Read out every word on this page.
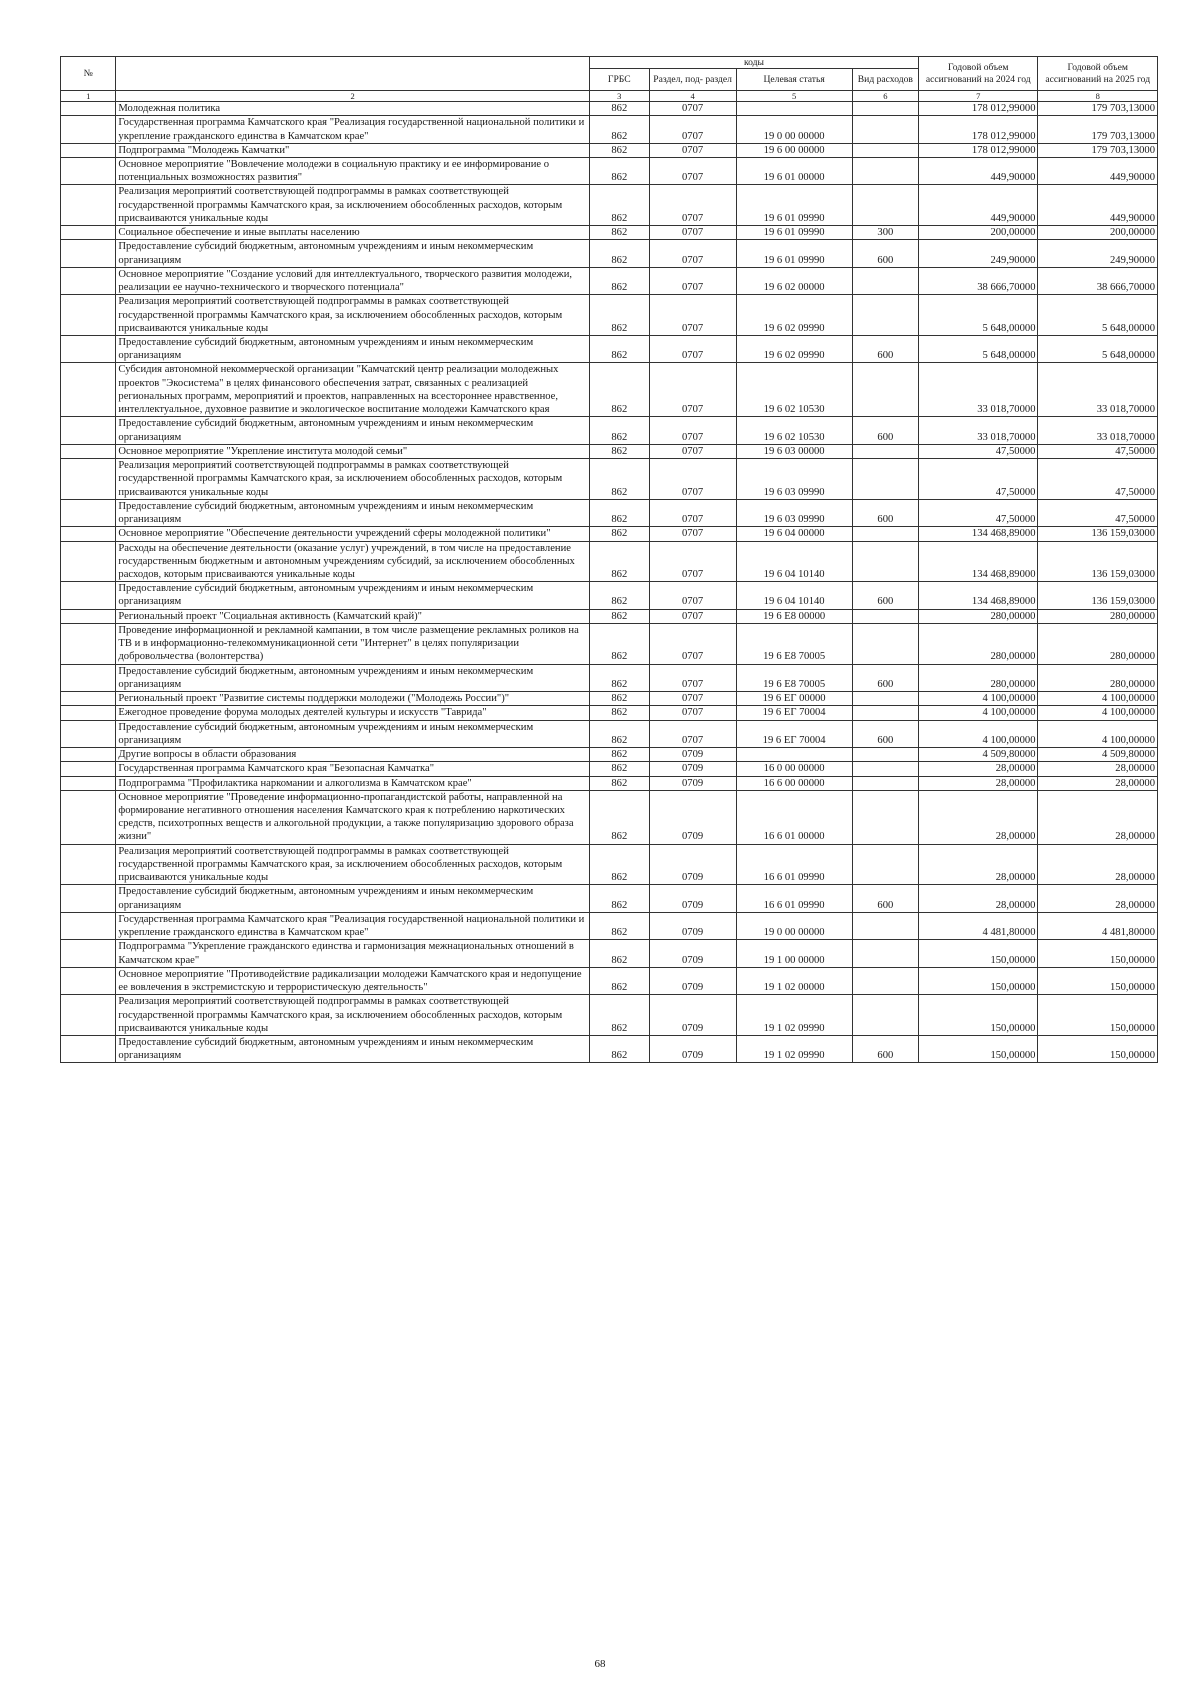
№		коды				Годовой объем ассигнований на 2024 год	Годовой объем ассигнований на 2025 год
		ГРБС	Раздел, под- раздел	Целевая статья	Вид расходов		
1	2	3	4	5	6	7	8
	Молодежная политика	862	0707			178 012,99000	179 703,13000
	Государственная программа Камчатского края "Реализация государственной национальной политики и укрепление гражданского единства в Камчатском крае"	862	0707	19 0 00 00000		178 012,99000	179 703,13000
	Подпрограмма "Молодежь Камчатки"	862	0707	19 6 00 00000		178 012,99000	179 703,13000
	Основное мероприятие "Вовлечение молодежи в социальную практику и ее информирование о потенциальных возможностях развития"	862	0707	19 6 01 00000		449,90000	449,90000
	Реализация мероприятий соответствующей подпрограммы в рамках соответствующей государственной программы Камчатского края, за исключением обособленных расходов, которым присваиваются уникальные коды	862	0707	19 6 01 09990		449,90000	449,90000
	Социальное обеспечение и иные выплаты населению	862	0707	19 6 01 09990	300	200,00000	200,00000
	Предоставление субсидий бюджетным, автономным учреждениям и иным некоммерческим организациям	862	0707	19 6 01 09990	600	249,90000	249,90000
	Основное мероприятие "Создание условий для интеллектуального, творческого развития молодежи, реализации ее научно-технического и творческого потенциала"	862	0707	19 6 02 00000		38 666,70000	38 666,70000
	Реализация мероприятий соответствующей подпрограммы в рамках соответствующей государственной программы Камчатского края, за исключением обособленных расходов, которым присваиваются уникальные коды	862	0707	19 6 02 09990		5 648,00000	5 648,00000
	Предоставление субсидий бюджетным, автономным учреждениям и иным некоммерческим организациям	862	0707	19 6 02 09990	600	5 648,00000	5 648,00000
	Субсидия автономной некоммерческой организации "Камчатский центр реализации молодежных проектов "Экосистема" в целях финансового обеспечения затрат, связанных с реализацией региональных программ, мероприятий и проектов, направленных на всестороннее нравственное, интеллектуальное, духовное развитие и экологическое воспитание молодежи Камчатского края	862	0707	19 6 02 10530		33 018,70000	33 018,70000
	Предоставление субсидий бюджетным, автономным учреждениям и иным некоммерческим организациям	862	0707	19 6 02 10530	600	33 018,70000	33 018,70000
	Основное мероприятие "Укрепление института молодой семьи"	862	0707	19 6 03 00000		47,50000	47,50000
	Реализация мероприятий соответствующей подпрограммы в рамках соответствующей государственной программы Камчатского края, за исключением обособленных расходов, которым присваиваются уникальные коды	862	0707	19 6 03 09990		47,50000	47,50000
	Предоставление субсидий бюджетным, автономным учреждениям и иным некоммерческим организациям	862	0707	19 6 03 09990	600	47,50000	47,50000
	Основное мероприятие "Обеспечение деятельности учреждений сферы молодежной политики"	862	0707	19 6 04 00000		134 468,89000	136 159,03000
	Расходы на обеспечение деятельности (оказание услуг) учреждений, в том числе на предоставление государственным бюджетным и автономным учреждениям субсидий, за исключением обособленных расходов, которым присваиваются уникальные коды	862	0707	19 6 04 10140		134 468,89000	136 159,03000
	Предоставление субсидий бюджетным, автономным учреждениям и иным некоммерческим организациям	862	0707	19 6 04 10140	600	134 468,89000	136 159,03000
	Региональный проект "Социальная активность (Камчатский край)"	862	0707	19 6 E8 00000		280,00000	280,00000
	Проведение информационной и рекламной кампании, в том числе размещение рекламных роликов на ТВ и в информационно-телекоммуникационной сети "Интернет" в целях популяризации добровольчества (волонтерства)	862	0707	19 6 E8 70005		280,00000	280,00000
	Предоставление субсидий бюджетным, автономным учреждениям и иным некоммерческим организациям	862	0707	19 6 E8 70005	600	280,00000	280,00000
	Региональный проект "Развитие системы поддержки молодежи ("Молодежь России")"	862	0707	19 6 EГ 00000		4 100,00000	4 100,00000
	Ежегодное проведение форума молодых деятелей культуры и искусств "Таврида"	862	0707	19 6 EГ 70004		4 100,00000	4 100,00000
	Предоставление субсидий бюджетным, автономным учреждениям и иным некоммерческим организациям	862	0707	19 6 EГ 70004	600	4 100,00000	4 100,00000
	Другие вопросы в области образования	862	0709			4 509,80000	4 509,80000
	Государственная программа Камчатского края "Безопасная Камчатка"	862	0709	16 0 00 00000		28,00000	28,00000
	Подпрограмма "Профилактика наркомании и алкоголизма в Камчатском крае"	862	0709	16 6 00 00000		28,00000	28,00000
	Основное мероприятие "Проведение информационно-пропагандистской работы, направленной на формирование негативного отношения населения Камчатского края к потреблению наркотических средств, психотропных веществ и алкогольной продукции, а также популяризацию здорового образа жизни"	862	0709	16 6 01 00000		28,00000	28,00000
	Реализация мероприятий соответствующей подпрограммы в рамках соответствующей государственной программы Камчатского края, за исключением обособленных расходов, которым присваиваются уникальные коды	862	0709	16 6 01 09990		28,00000	28,00000
	Предоставление субсидий бюджетным, автономным учреждениям и иным некоммерческим организациям	862	0709	16 6 01 09990	600	28,00000	28,00000
	Государственная программа Камчатского края "Реализация государственной национальной политики и укрепление гражданского единства в Камчатском крае"	862	0709	19 0 00 00000		4 481,80000	4 481,80000
	Подпрограмма "Укрепление гражданского единства и гармонизация межнациональных отношений в Камчатском крае"	862	0709	19 1 00 00000		150,00000	150,00000
	Основное мероприятие "Противодействие радикализации молодежи Камчатского края и недопущение ее вовлечения в экстремистскую и террористическую деятельность"	862	0709	19 1 02 00000		150,00000	150,00000
	Реализация мероприятий соответствующей подпрограммы в рамках соответствующей государственной программы Камчатского края, за исключением обособленных расходов, которым присваиваются уникальные коды	862	0709	19 1 02 09990		150,00000	150,00000
	Предоставление субсидий бюджетным, автономным учреждениям и иным некоммерческим организациям	862	0709	19 1 02 09990	600	150,00000	150,00000
68
